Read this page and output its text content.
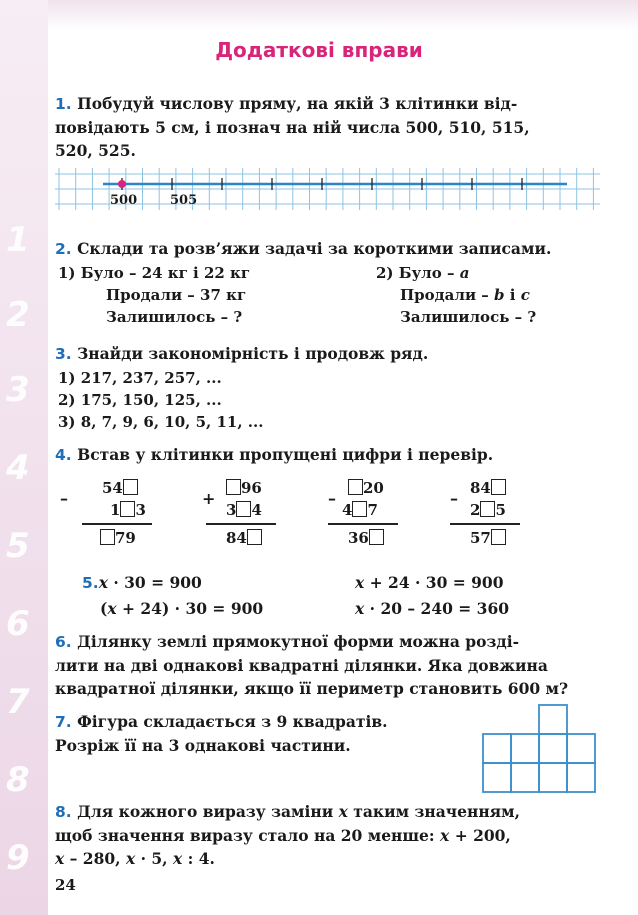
1
2
3
4
5
6
7
8
9
Додаткові вправи
1. Побудуй числову пряму, на якій 3 клітинки від-
повідають 5 см, і познач на ній числа 500, 510, 515,
520, 525.
500	505
2. Склади та розв’яжи задачі за короткими записами.
1) Було – 24 кг і 22 кг
Продали – 37 кг
Залишилось – ?
2) Було – a
Продали – b і c
Залишилось – ?
3. Знайди закономірність і продовж ряд.
1) 217, 237, 257, ...
2) 175, 150, 125, ...
3) 8, 7, 9, 6, 10, 5, 11, ...
4. Встав у клітинки пропущені цифри і перевір.
–
54
1 3
79
+
96
3 4
84
–
20
4 7
36
–
84
2 5
57
5.x · 30 = 900	x + 24 · 30 = 900
(x + 24) · 30 = 900	x · 20 – 240 = 360
6. Ділянку землі прямокутної форми можна розді-
лити на дві однакові квадратні ділянки. Яка довжина
квадратної ділянки, якщо її периметр становить 600 м?
7. Фігура складається з 9 квадратів.
Розріж її на 3 однакові частини.
8. Для кожного виразу заміни x таким значенням,
щоб значення виразу стало на 20 менше: x + 200,
x – 280, x · 5, x : 4.
24
